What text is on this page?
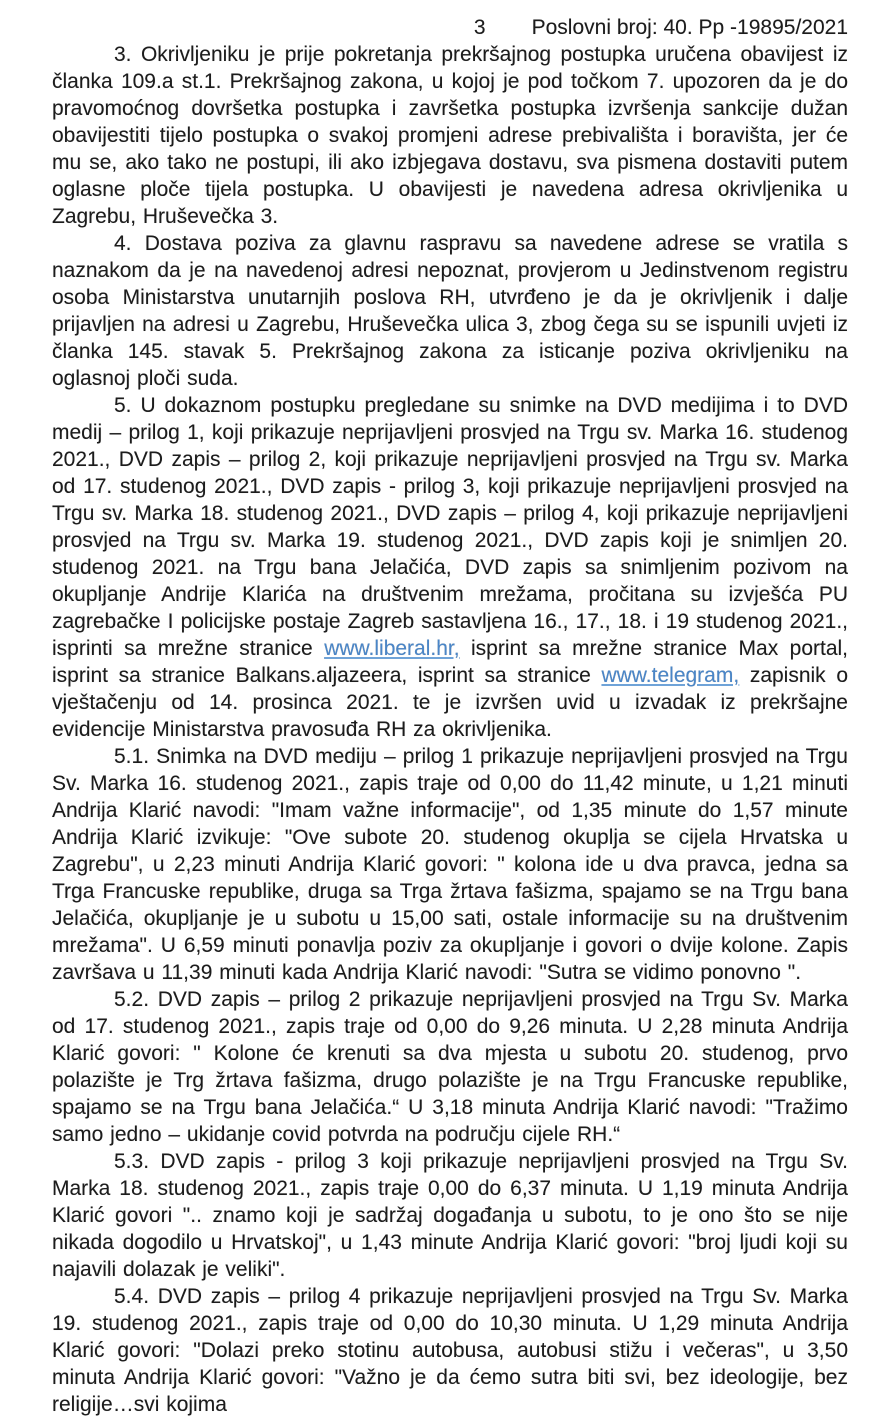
3 Poslovni broj: 40. Pp -19895/2021

3. Okrivljeniku je prije pokretanja prekršajnog postupka uručena obavijest iz članka 109.a st.1. Prekršajnog zakona, u kojoj je pod točkom 7. upozoren da je do pravomoćnog dovršetka postupka i završetka postupka izvršenja sankcije dužan obavijestiti tijelo postupka o svakoj promjeni adrese prebivališta i boravišta, jer će mu se, ako tako ne postupi, ili ako izbjegava dostavu, sva pismena dostaviti putem oglasne ploče tijela postupka. U obavijesti je navedena adresa okrivljenika u Zagrebu, Hruševečka 3.

4. Dostava poziva za glavnu raspravu sa navedene adrese se vratila s naznakom da je na navedenoj adresi nepoznat, provjerom u Jedinstvenom registru osoba Ministarstva unutarnjih poslova RH, utvrđeno je da je okrivljenik i dalje prijavljen na adresi u Zagrebu, Hruševečka ulica 3, zbog čega su se ispunili uvjeti iz članka 145. stavak 5. Prekršajnog zakona za isticanje poziva okrivljeniku na oglasnoj ploči suda.

5. U dokaznom postupku pregledane su snimke na DVD medijima i to DVD medij – prilog 1, koji prikazuje neprijavljeni prosvjed na Trgu sv. Marka 16. studenog 2021., DVD zapis – prilog 2, koji prikazuje neprijavljeni prosvjed na Trgu sv. Marka od 17. studenog 2021., DVD zapis - prilog 3, koji prikazuje neprijavljeni prosvjed na Trgu sv. Marka 18. studenog 2021., DVD zapis – prilog 4, koji prikazuje neprijavljeni prosvjed na Trgu sv. Marka 19. studenog 2021., DVD zapis koji je snimljen 20. studenog 2021. na Trgu bana Jelačića, DVD zapis sa snimljenim pozivom na okupljanje Andrije Klarića na društvenim mrežama, pročitana su izvješća PU zagrebačke I policijske postaje Zagreb sastavljena 16., 17., 18. i 19 studenog 2021., isprinti sa mrežne stranice www.liberal.hr, isprint sa mrežne stranice Max portal, isprint sa stranice Balkans.aljazeera, isprint sa stranice www.telegram, zapisnik o vještačenju od 14. prosinca 2021. te je izvršen uvid u izvadak iz prekršajne evidencije Ministarstva pravosuđa RH za okrivljenika.

5.1. Snimka na DVD mediju – prilog 1 prikazuje neprijavljeni prosvjed na Trgu Sv. Marka 16. studenog 2021., zapis traje od 0,00 do 11,42 minute, u 1,21 minuti Andrija Klarić navodi: "Imam važne informacije", od 1,35 minute do 1,57 minute Andrija Klarić izvikuje: "Ove subote 20. studenog okuplja se cijela Hrvatska u Zagrebu", u 2,23 minuti Andrija Klarić govori: " kolona ide u dva pravca, jedna sa Trga Francuske republike, druga sa Trga žrtava fašizma, spajamo se na Trgu bana Jelačića, okupljanje je u subotu u 15,00 sati, ostale informacije su na društvenim mrežama". U 6,59 minuti ponavlja poziv za okupljanje i govori o dvije kolone. Zapis završava u 11,39 minuti kada Andrija Klarić navodi: "Sutra se vidimo ponovno ".

5.2. DVD zapis – prilog 2 prikazuje neprijavljeni prosvjed na Trgu Sv. Marka od 17. studenog 2021., zapis traje od 0,00 do 9,26 minuta. U 2,28 minuta Andrija Klarić govori: " Kolone će krenuti sa dva mjesta u subotu 20. studenog, prvo polazište je Trg žrtava fašizma, drugo polazište je na Trgu Francuske republike, spajamo se na Trgu bana Jelačića.“ U 3,18 minuta Andrija Klarić navodi: "Tražimo samo jedno – ukidanje covid potvrda na području cijele RH.“

5.3. DVD zapis - prilog 3 koji prikazuje neprijavljeni prosvjed na Trgu Sv. Marka 18. studenog 2021., zapis traje 0,00 do 6,37 minuta. U 1,19 minuta Andrija Klarić govori ".. znamo koji je sadržaj događanja u subotu, to je ono što se nije nikada dogodilo u Hrvatskoj", u 1,43 minute Andrija Klarić govori: "broj ljudi koji su najavili dolazak je veliki".

5.4. DVD zapis – prilog 4 prikazuje neprijavljeni prosvjed na Trgu Sv. Marka 19. studenog 2021., zapis traje od 0,00 do 10,30 minuta. U 1,29 minuta Andrija Klarić govori: "Dolazi preko stotinu autobusa, autobusi stižu i večeras", u 3,50 minuta Andrija Klarić govori: "Važno je da ćemo sutra biti svi, bez ideologije, bez religije…svi kojima
